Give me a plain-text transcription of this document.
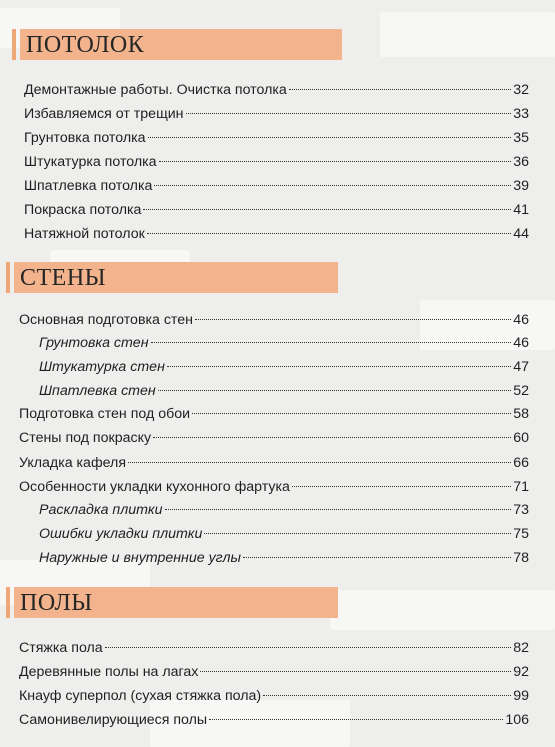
ПОТОЛОК
Демонтажные работы. Очистка потолка	32
Избавляемся от трещин	33
Грунтовка потолка	35
Штукатурка потолка	36
Шпатлевка потолка	39
Покраска потолка	41
Натяжной потолок	44
СТЕНЫ
Основная подготовка стен	46
Грунтовка стен	46
Штукатурка стен	47
Шпатлевка стен	52
Подготовка стен под обои	58
Стены под покраску	60
Укладка кафеля	66
Особенности укладки кухонного фартука	71
Раскладка плитки	73
Ошибки укладки плитки	75
Наружные и внутренние углы	78
ПОЛЫ
Стяжка пола	82
Деревянные полы на лагах	92
Кнауф суперпол (сухая стяжка пола)	99
Самонивелирующиеся полы	106
